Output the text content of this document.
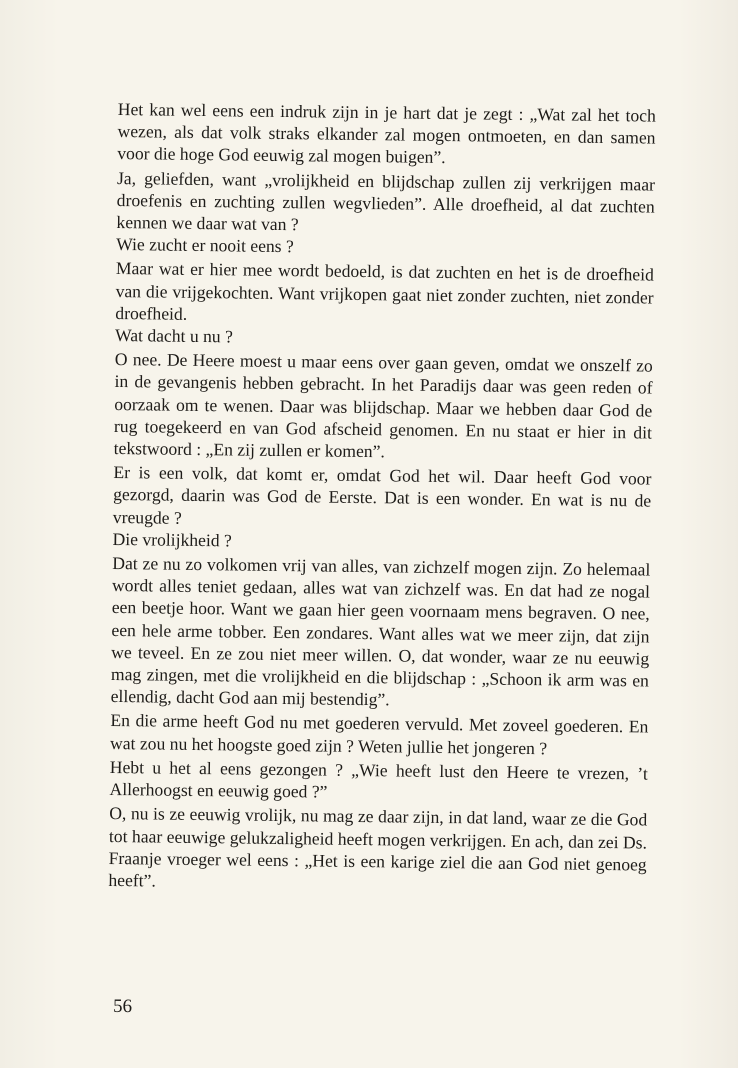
Het kan wel eens een indruk zijn in je hart dat je zegt : „Wat zal het toch wezen, als dat volk straks elkander zal mogen ontmoeten, en dan samen voor die hoge God eeuwig zal mogen buigen”.

Ja, geliefden, want „vrolijkheid en blijdschap zullen zij verkrijgen maar droefenis en zuchting zullen wegvlieden”. Alle droefheid, al dat zuchten kennen we daar wat van ?

Wie zucht er nooit eens ?

Maar wat er hier mee wordt bedoeld, is dat zuchten en het is de droefheid van die vrijgekochten. Want vrijkopen gaat niet zonder zuchten, niet zonder droefheid.

Wat dacht u nu ?

O nee. De Heere moest u maar eens over gaan geven, omdat we onszelf zo in de gevangenis hebben gebracht. In het Paradijs daar was geen reden of oorzaak om te wenen. Daar was blijdschap. Maar we hebben daar God de rug toegekeerd en van God afscheid genomen. En nu staat er hier in dit tekstwoord : „En zij zullen er komen”.

Er is een volk, dat komt er, omdat God het wil. Daar heeft God voor gezorgd, daarin was God de Eerste. Dat is een wonder. En wat is nu de vreugde ?

Die vrolijkheid ?

Dat ze nu zo volkomen vrij van alles, van zichzelf mogen zijn. Zo helemaal wordt alles teniet gedaan, alles wat van zichzelf was. En dat had ze nogal een beetje hoor. Want we gaan hier geen voornaam mens begraven. O nee, een hele arme tobber. Een zondares. Want alles wat we meer zijn, dat zijn we teveel. En ze zou niet meer willen. O, dat wonder, waar ze nu eeuwig mag zingen, met die vrolijkheid en die blijdschap : „Schoon ik arm was en ellendig, dacht God aan mij bestendig”.

En die arme heeft God nu met goederen vervuld. Met zoveel goederen. En wat zou nu het hoogste goed zijn ? Weten jullie het jongeren ?

Hebt u het al eens gezongen ? „Wie heeft lust den Heere te vrezen, ’t Allerhoogst en eeuwig goed ?”

O, nu is ze eeuwig vrolijk, nu mag ze daar zijn, in dat land, waar ze die God tot haar eeuwige gelukzaligheid heeft mogen verkrijgen. En ach, dan zei Ds. Fraanje vroeger wel eens : „Het is een karige ziel die aan God niet genoeg heeft”.

56
